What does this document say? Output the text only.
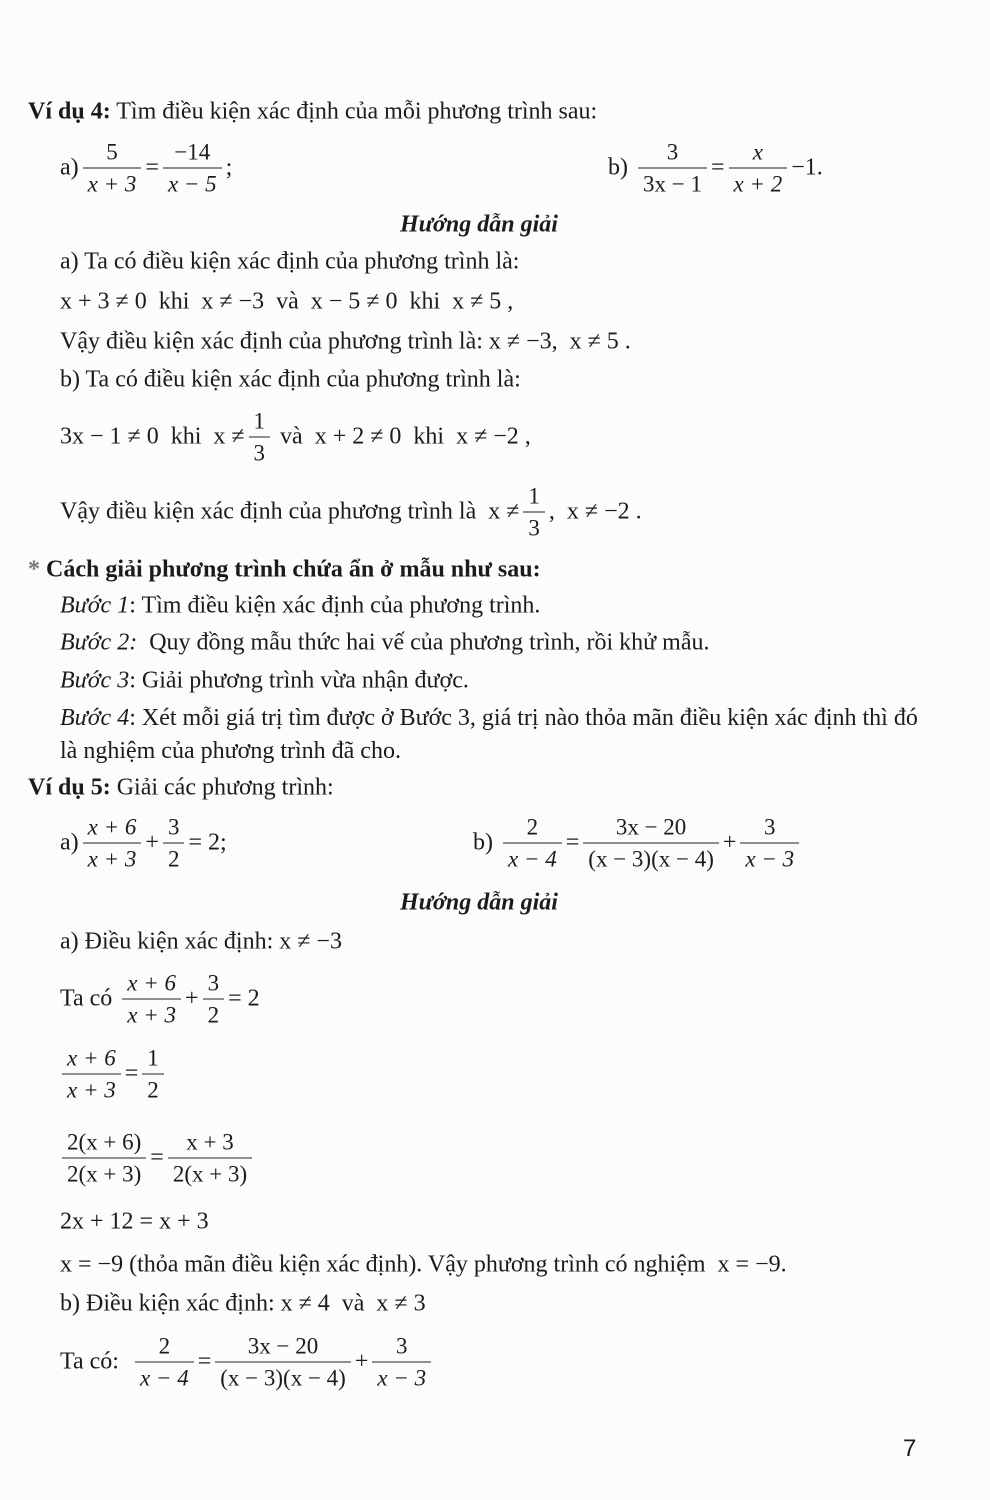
Ví dụ 4: Tìm điều kiện xác định của mỗi phương trình sau:
$a) \frac{5}{x + 3} = \frac{-14}{x - 5}$ ;	$b) \frac{3}{3x - 1} = \frac{x}{x + 2} -1$.
Hướng dẫn giải
a) Ta có điều kiện xác định của phương trình là:
x + 3 ≠ 0  khi  x ≠ −3  và  x − 5 ≠ 0  khi  x ≠ 5 ,
Vậy điều kiện xác định của phương trình là: x ≠ −3,  x ≠ 5 .
b) Ta có điều kiện xác định của phương trình là:
3x − 1 ≠ 0  khi  $x \ne \frac{1}{3}$ và  x + 2 ≠ 0  khi  x ≠ −2 ,
Vậy điều kiện xác định của phương trình là  $x \ne \frac{1}{3}$ ,  x ≠ −2 .
* Cách giải phương trình chứa ẩn ở mẫu như sau:
Bước 1 : Tìm điều kiện xác định của phương trình.
Bước 2: Quy đồng mẫu thức hai vế của phương trình, rồi khử mẫu.
Bước 3 : Giải phương trình vừa nhận được.
Bước 4: Xét mỗi giá trị tìm được ở Bước 3, giá trị nào thỏa mãn điều kiện xác định thì đó là nghiệm của phương trình đã cho.
Ví dụ 5: Giải các phương trình:
$a) \frac{x + 6}{x + 3} + \frac{3}{2} = 2$;	$b) \frac{2}{x - 4} = \frac{3x - 20}{(x - 3)(x - 4)} + \frac{3}{x - 3}$
Hướng dẫn giải
a) Điều kiện xác định: x ≠ −3
Ta có $\frac{x + 6}{x + 3} + \frac{3}{2} = 2$
$\frac{x + 6}{x + 3} = \frac{1}{2}$
$\frac{2(x + 6)}{2(x + 3)} = \frac{x + 3}{2(x + 3)}$
2x + 12 = x + 3
x = −9 (thỏa mãn điều kiện xác định). Vậy phương trình có nghiệm  x = −9.
b) Điều kiện xác định: x ≠ 4  và  x ≠ 3
Ta có: $\frac{2}{x - 4} = \frac{3x - 20}{(x - 3)(x - 4)} + \frac{3}{x - 3}$
7
